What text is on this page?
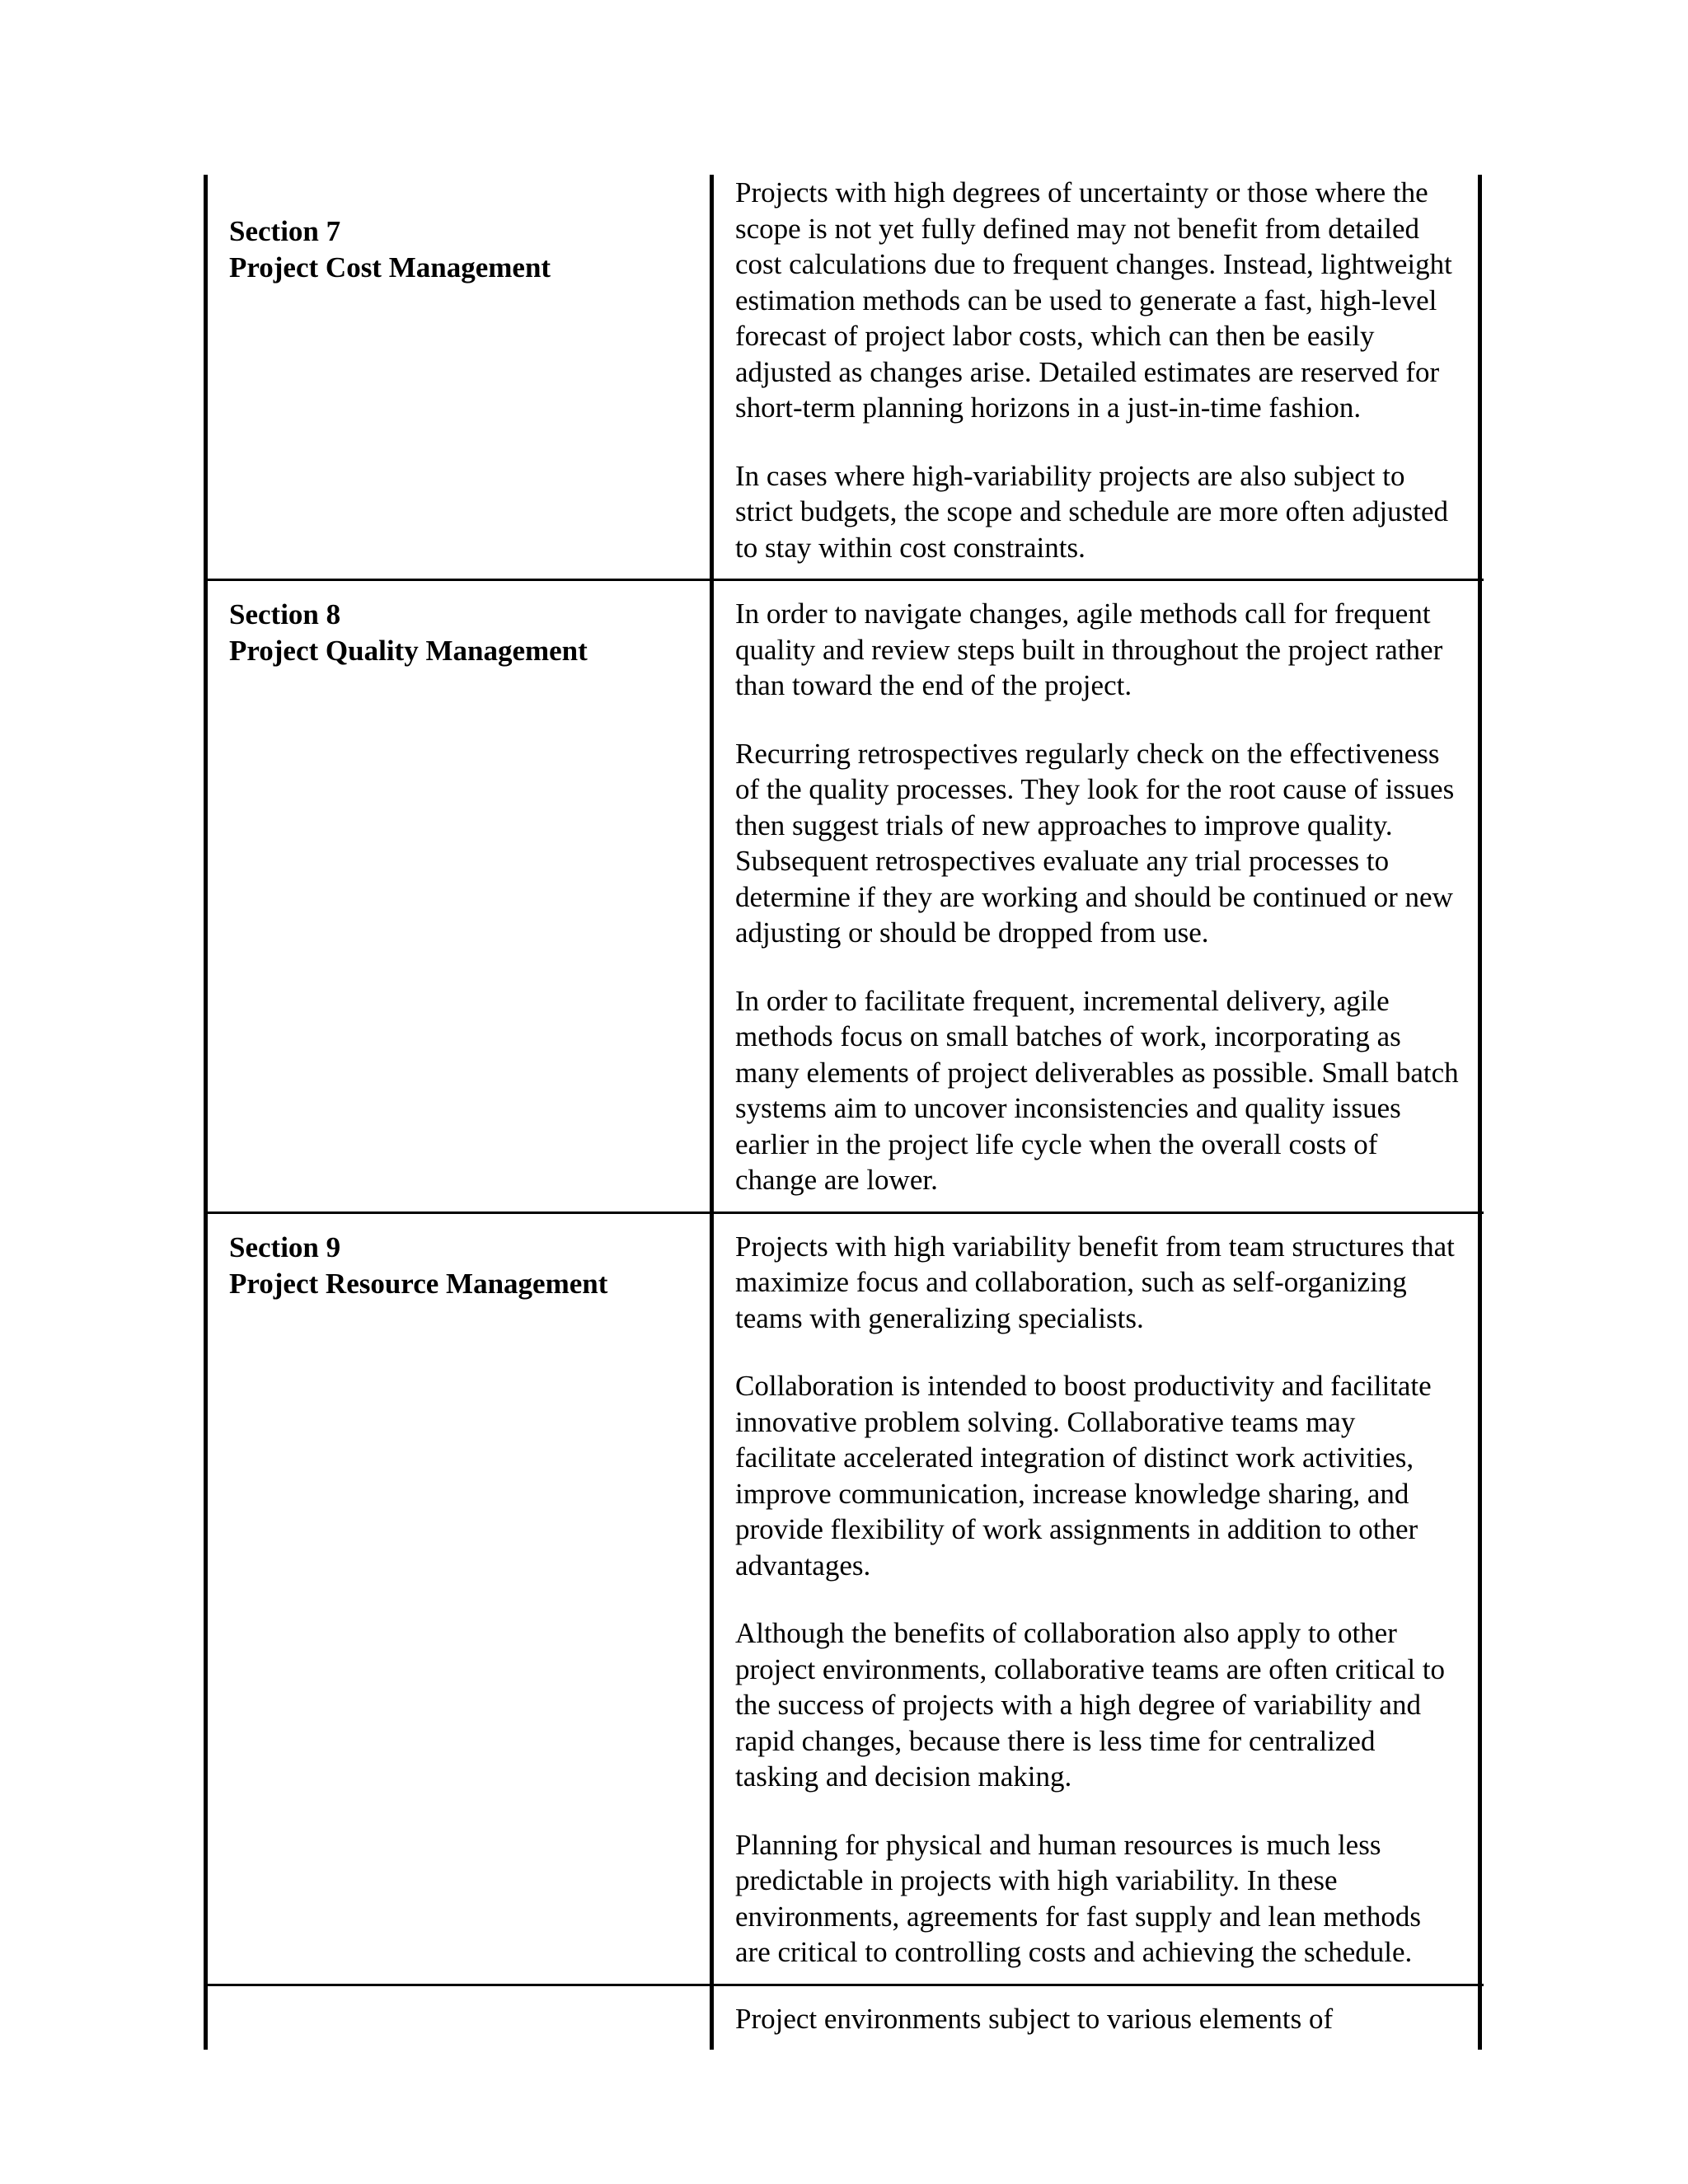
Section 7
Project Cost Management
Projects with high degrees of uncertainty or those where the scope is not yet fully defined may not benefit from detailed cost calculations due to frequent changes. Instead, lightweight estimation methods can be used to generate a fast, high-level forecast of project labor costs, which can then be easily adjusted as changes arise. Detailed estimates are reserved for short-term planning horizons in a just-in-time fashion.
In cases where high-variability projects are also subject to strict budgets, the scope and schedule are more often adjusted to stay within cost constraints.
Section 8
Project Quality Management
In order to navigate changes, agile methods call for frequent quality and review steps built in throughout the project rather than toward the end of the project.
Recurring retrospectives regularly check on the effectiveness of the quality processes. They look for the root cause of issues then suggest trials of new approaches to improve quality. Subsequent retrospectives evaluate any trial processes to determine if they are working and should be continued or new adjusting or should be dropped from use.
In order to facilitate frequent, incremental delivery, agile methods focus on small batches of work, incorporating as many elements of project deliverables as possible. Small batch systems aim to uncover inconsistencies and quality issues earlier in the project life cycle when the overall costs of change are lower.
Section 9
Project Resource Management
Projects with high variability benefit from team structures that maximize focus and collaboration, such as self-organizing teams with generalizing specialists.
Collaboration is intended to boost productivity and facilitate innovative problem solving. Collaborative teams may facilitate accelerated integration of distinct work activities, improve communication, increase knowledge sharing, and provide flexibility of work assignments in addition to other advantages.
Although the benefits of collaboration also apply to other project environments, collaborative teams are often critical to the success of projects with a high degree of variability and rapid changes, because there is less time for centralized tasking and decision making.
Planning for physical and human resources is much less predictable in projects with high variability. In these environments, agreements for fast supply and lean methods are critical to controlling costs and achieving the schedule.
Project environments subject to various elements of
